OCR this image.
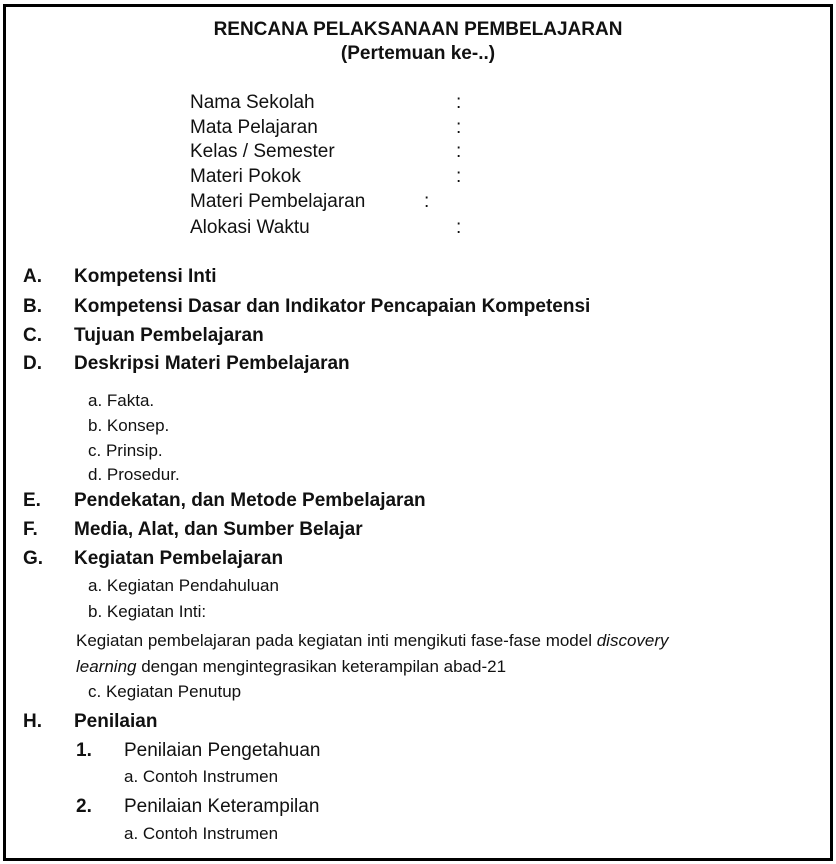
RENCANA PELAKSANAAN PEMBELAJARAN
(Pertemuan ke-..)
Nama Sekolah	:
Mata Pelajaran	:
Kelas / Semester	:
Materi Pokok	:
Materi Pembelajaran	:
Alokasi Waktu	:
A. Kompetensi Inti
B. Kompetensi Dasar dan Indikator Pencapaian Kompetensi
C. Tujuan Pembelajaran
D. Deskripsi Materi Pembelajaran
a. Fakta.
b. Konsep.
c. Prinsip.
d. Prosedur.
E. Pendekatan, dan Metode Pembelajaran
F. Media, Alat, dan Sumber Belajar
G. Kegiatan Pembelajaran
a. Kegiatan Pendahuluan
b. Kegiatan Inti:
Kegiatan pembelajaran pada kegiatan inti mengikuti fase-fase model discovery
learning dengan mengintegrasikan keterampilan abad-21
c. Kegiatan Penutup
H. Penilaian
1. Penilaian Pengetahuan
a. Contoh Instrumen
2. Penilaian Keterampilan
a. Contoh Instrumen
